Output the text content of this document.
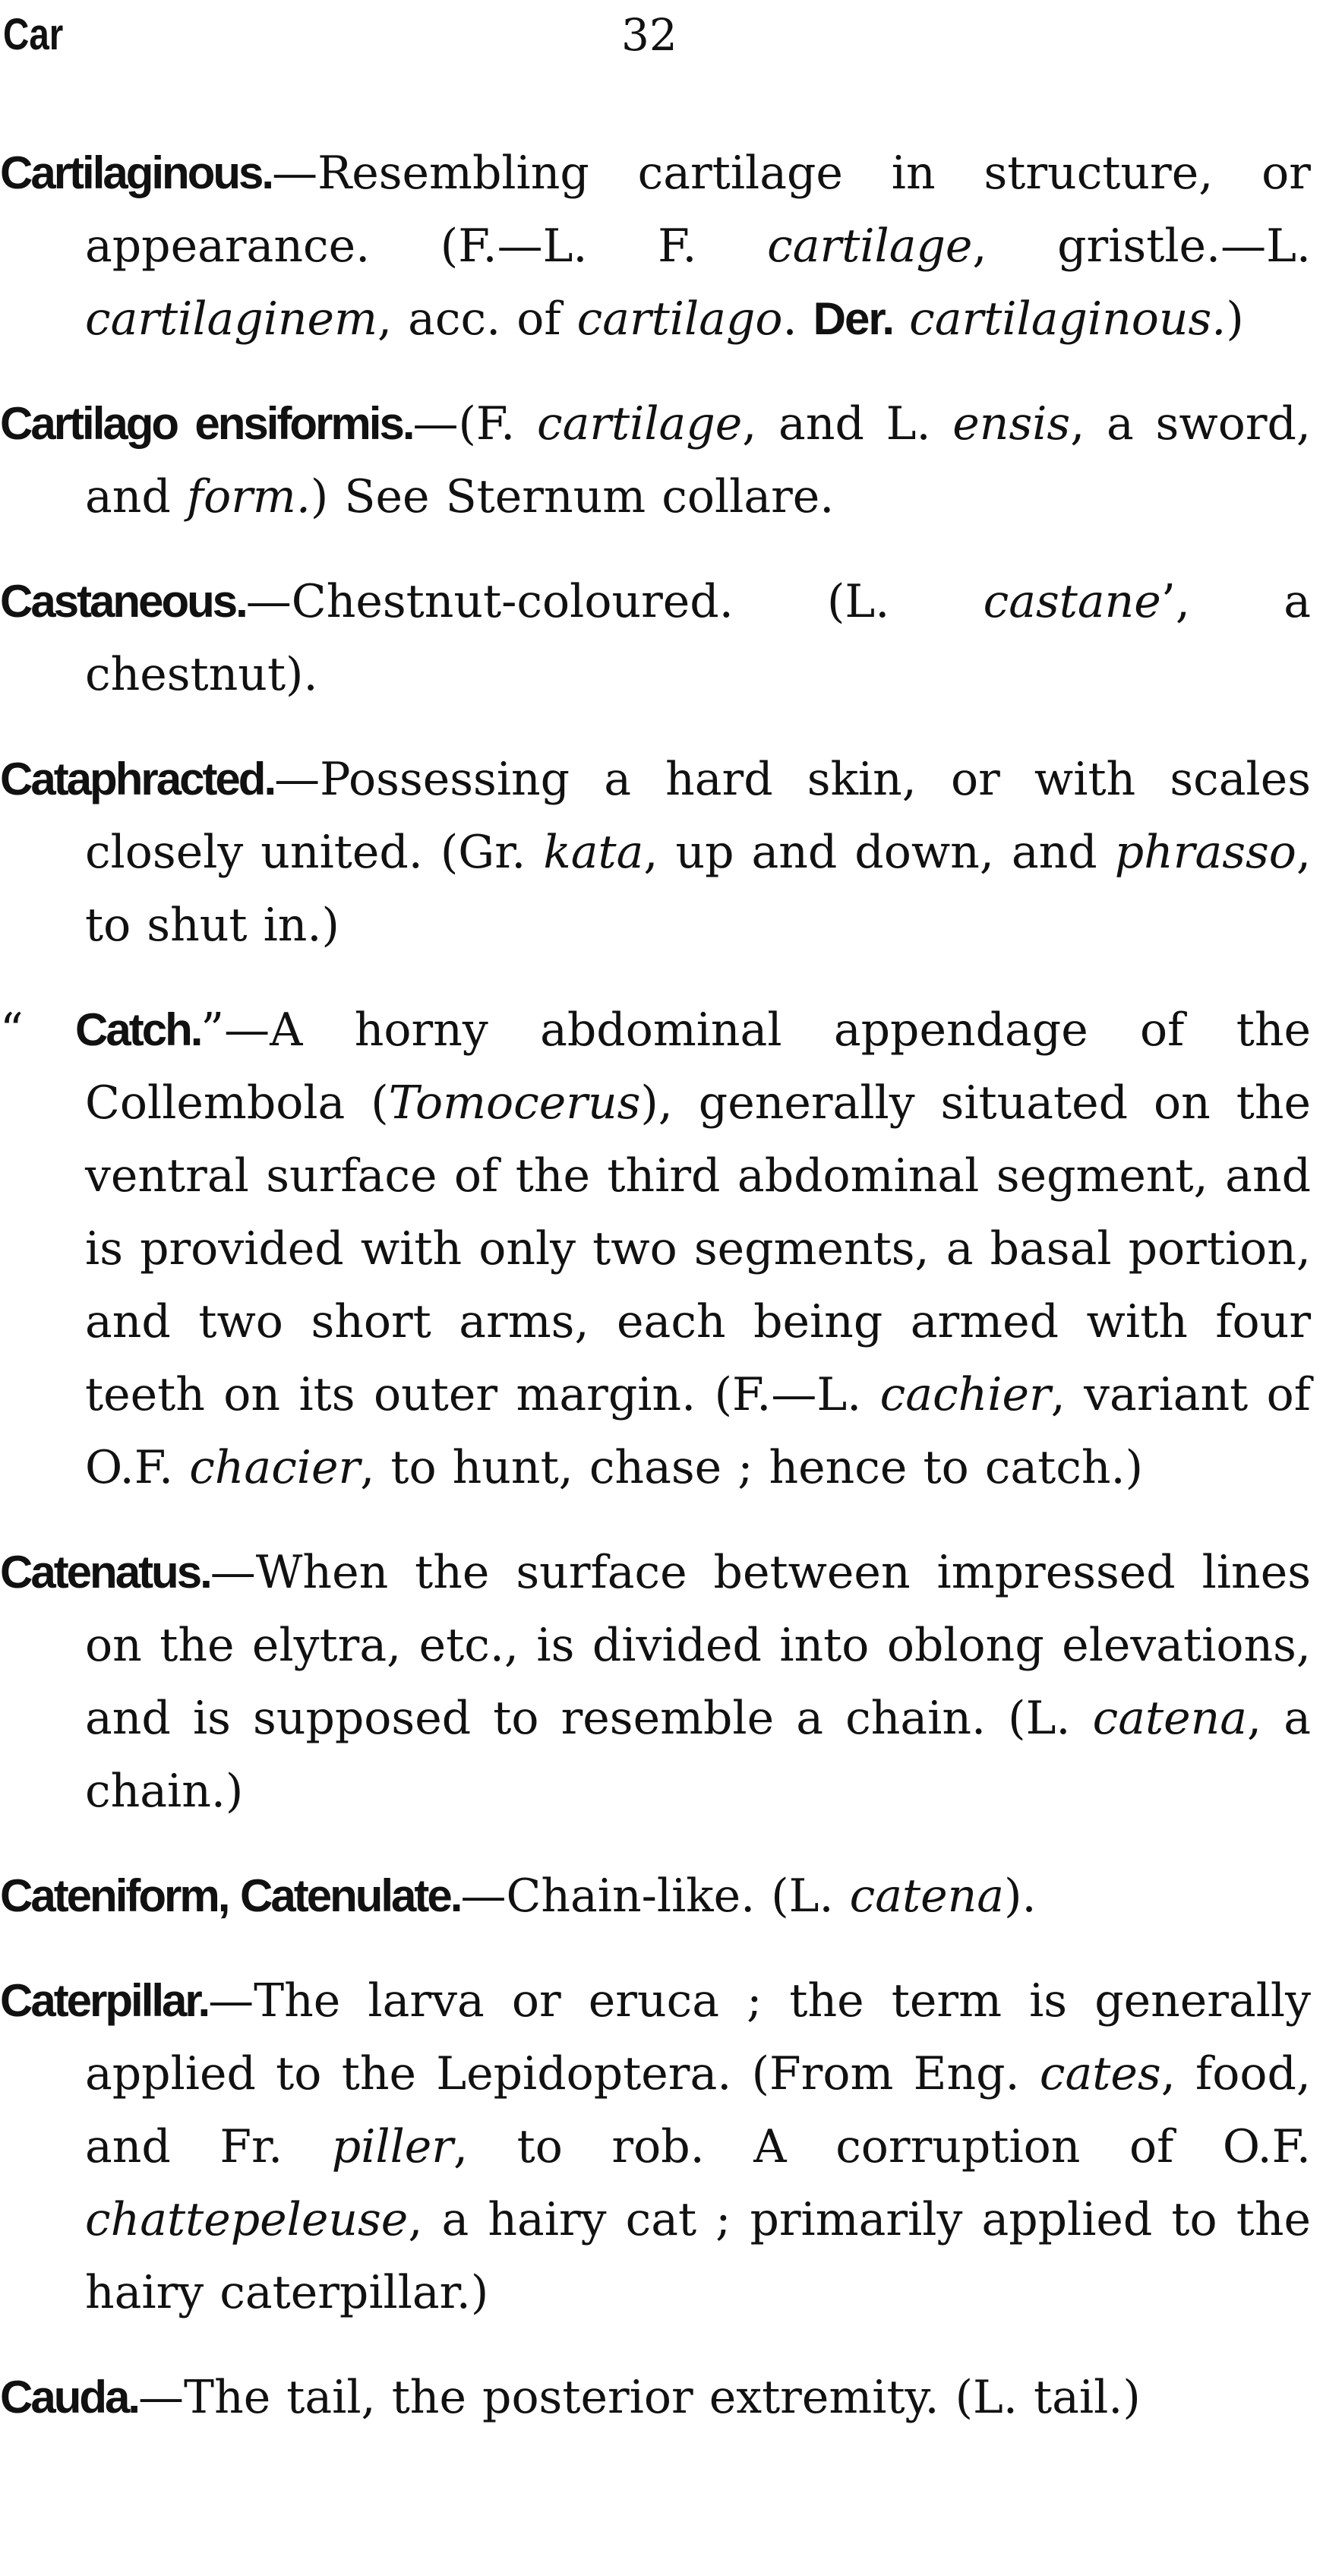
Car	32

Cartilaginous.—Resembling cartilage in structure, or appearance. (F.—L. F. cartilage, gristle.—L. cartilaginem, acc. of cartilago. Der. cartilaginous.)

Cartilago ensiformis.—(F. cartilage, and L. ensis, a sword, and form.) See Sternum collare.

Castaneous.—Chestnut-coloured. (L. castane’, a chestnut).

Cataphracted.—Possessing a hard skin, or with scales closely united. (Gr. kata, up and down, and phrasso, to shut in.)

“ Catch.”—A horny abdominal appendage of the Collembola (Tomocerus), generally situated on the ventral surface of the third abdominal segment, and is provided with only two segments, a basal portion, and two short arms, each being armed with four teeth on its outer margin. (F.—L. cachier, variant of O.F. chacier, to hunt, chase ; hence to catch.)

Catenatus.—When the surface between impressed lines on the elytra, etc., is divided into oblong elevations, and is supposed to resemble a chain. (L. catena, a chain.)

Cateniform, Catenulate.—Chain-like. (L. catena).

Caterpillar.—The larva or eruca ; the term is generally applied to the Lepidoptera. (From Eng. cates, food, and Fr. piller, to rob. A corruption of O.F. chattepeleuse, a hairy cat ; primarily applied to the hairy caterpillar.)

Cauda.—The tail, the posterior extremity. (L. tail.)
